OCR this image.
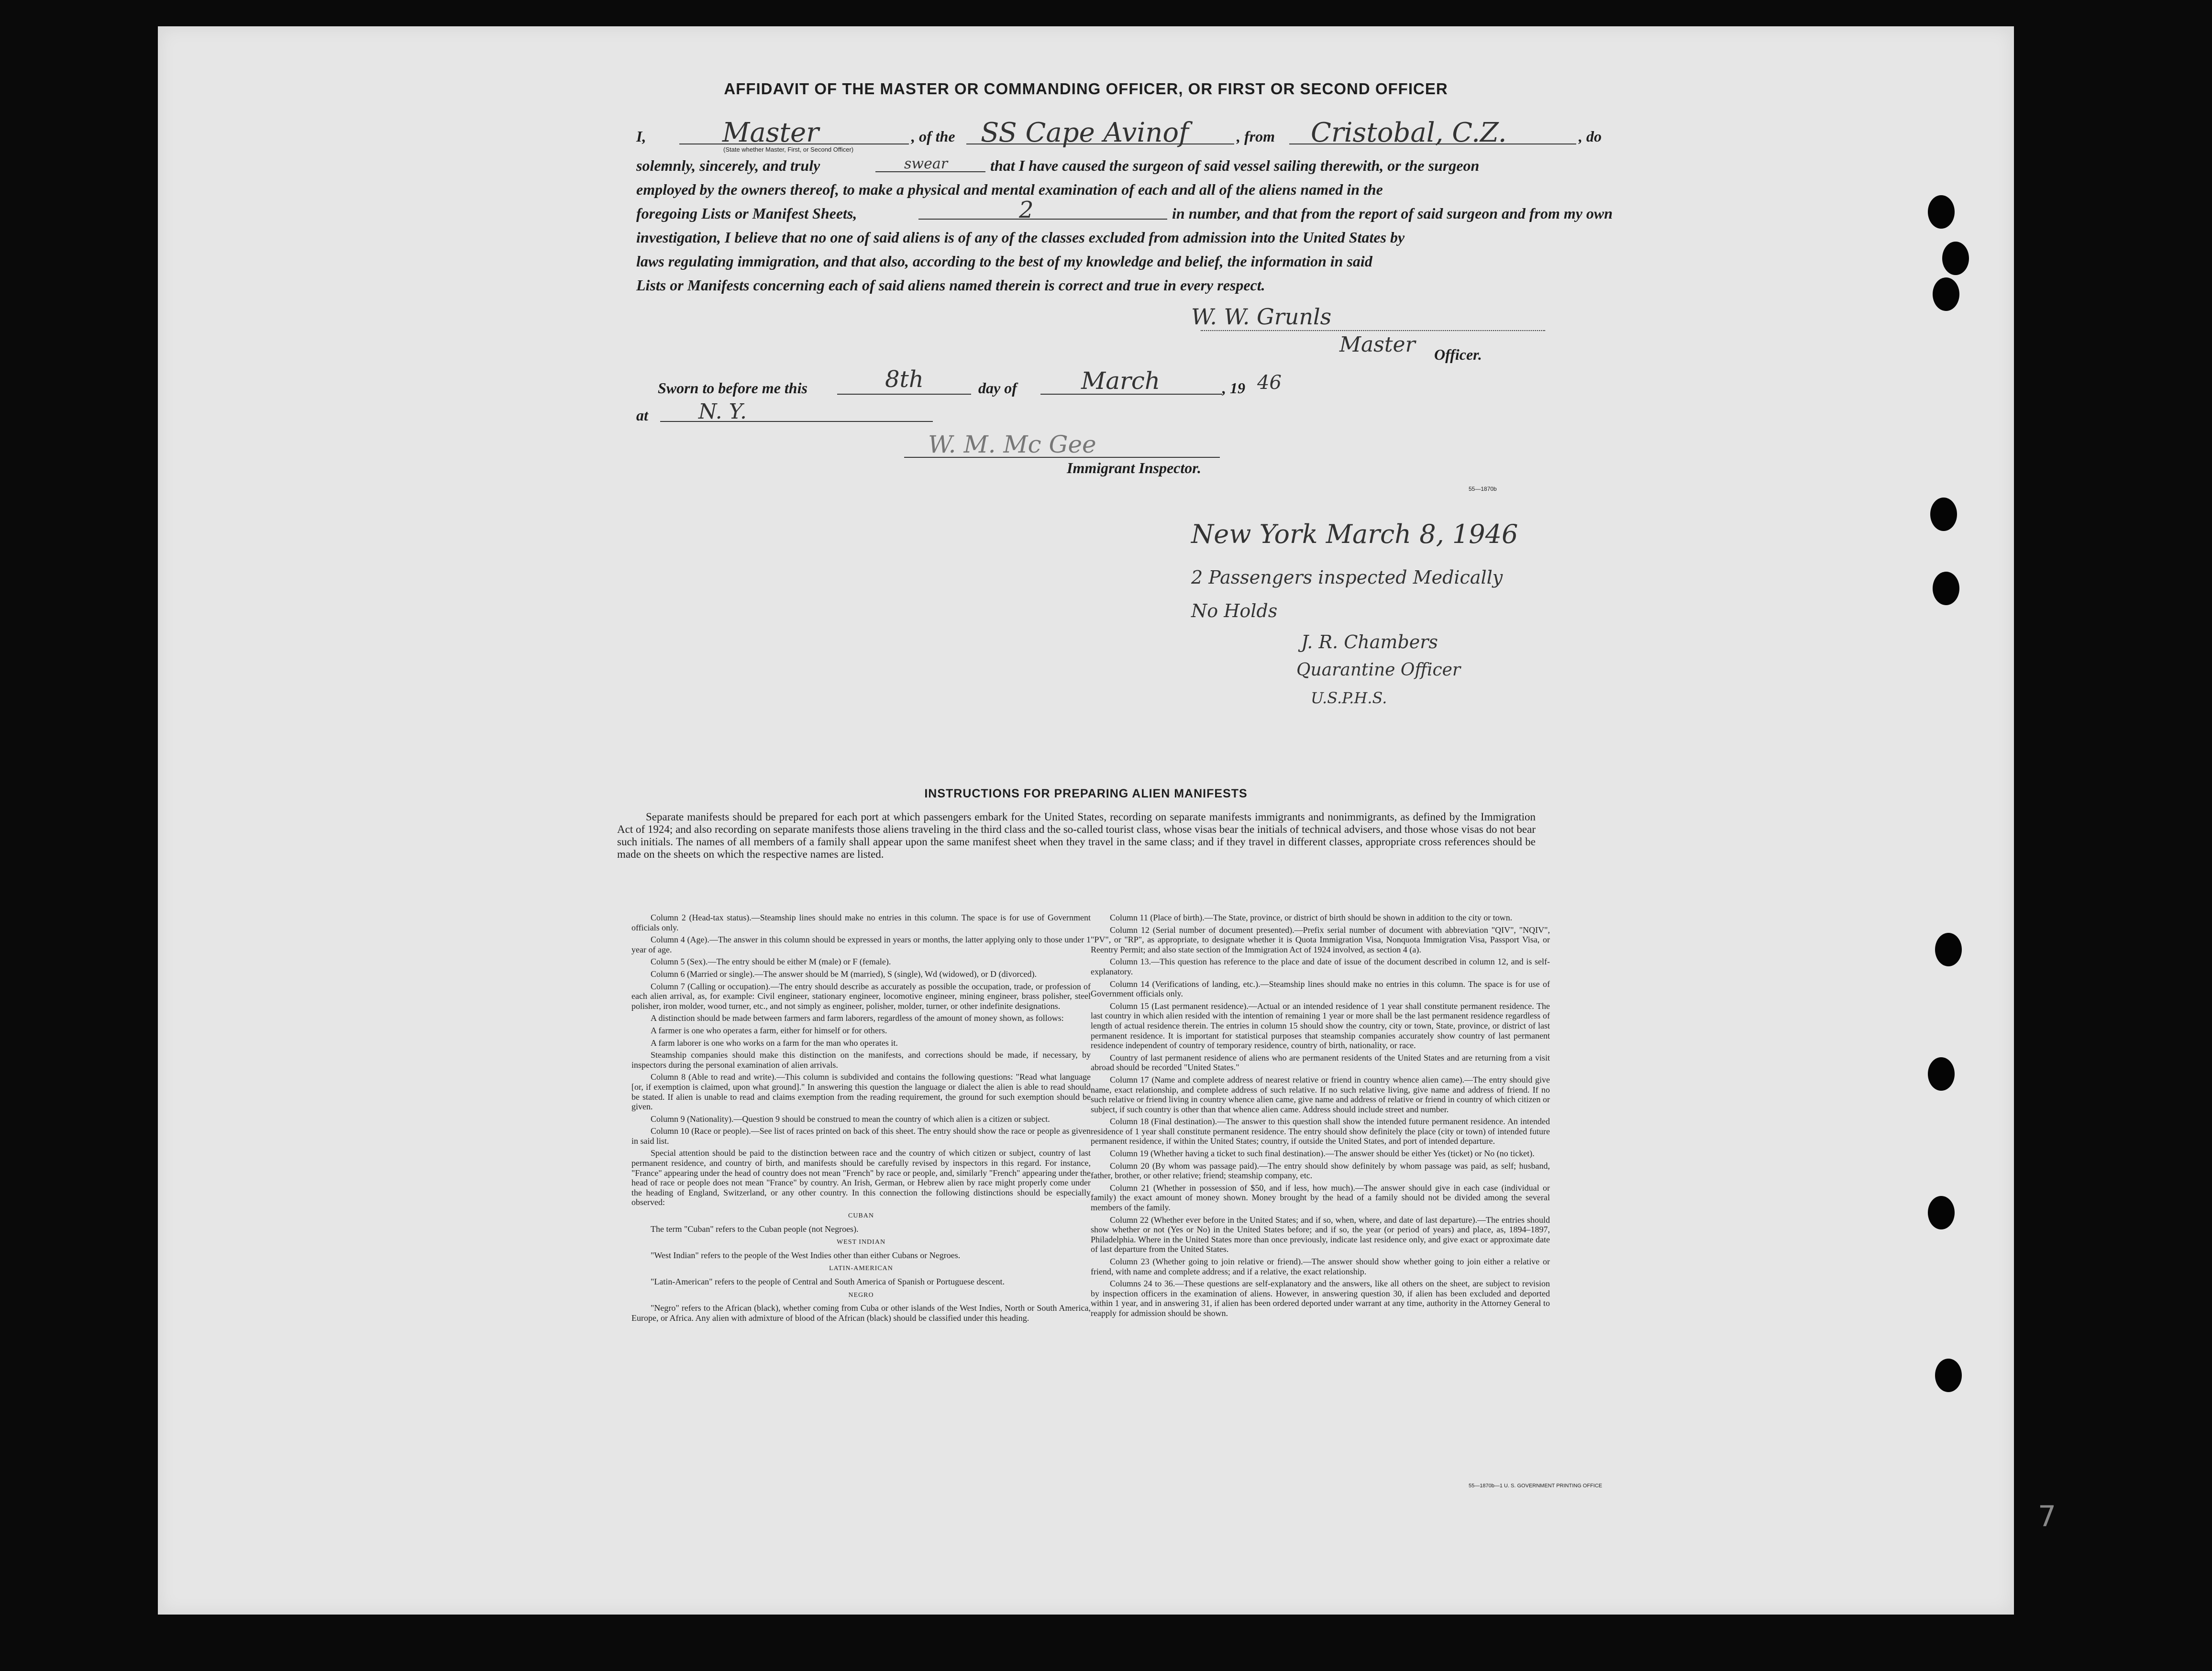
AFFIDAVIT OF THE MASTER OR COMMANDING OFFICER, OR FIRST OR SECOND OFFICER
I,	Master
(State whether Master, First, or Second Officer)
, of the SS Cape Avinof	, from Cristobal, C.Z.	, do
solemnly, sincerely, and truly	swear	that I have caused the surgeon of said vessel sailing therewith, or the surgeon
employed by the owners thereof, to make a physical and mental examination of each and all of the aliens named in the
foregoing Lists or Manifest Sheets,	2	in number, and that from the report of said surgeon and from my own
investigation, I believe that no one of said aliens is of any of the classes excluded from admission into the United States by
laws regulating immigration, and that also, according to the best of my knowledge and belief, the information in said
Lists or Manifests concerning each of said aliens named therein is correct and true in every respect.
W. W. Grunls
Master Officer.
Sworn to before me this	8th	day of	March	, 19 46
at N. Y.
W. M. Mc Gee
Immigrant Inspector.
55—1870b
New York March 8, 1946
2 Passengers inspected Medically
No Holds
J. R. Chambers
Quarantine Officer
U.S.P.H.S.
INSTRUCTIONS FOR PREPARING ALIEN MANIFESTS
Separate manifests should be prepared for each port at which passengers embark for the United States, recording on separate manifests immigrants and nonimmigrants, as defined by the Immigration Act of 1924; and also recording on separate manifests those aliens traveling in the third class and the so-called tourist class, whose visas bear the initials of technical advisers, and those whose visas do not bear such initials. The names of all members of a family shall appear upon the same manifest sheet when they travel in the same class; and if they travel in different classes, appropriate cross references should be made on the sheets on which the respective names are listed.

Column 2 (Head-tax status).—Steamship lines should make no entries in this column. The space is for use of Government officials only.

Column 4 (Age).—The answer in this column should be expressed in years or months, the latter applying only to those under 1 year of age.

Column 5 (Sex).—The entry should be either M (male) or F (female).

Column 6 (Married or single).—The answer should be M (married), S (single), Wd (widowed), or D (divorced).

Column 7 (Calling or occupation).—The entry should describe as accurately as possible the occupation, trade, or profession of each alien arrival, as, for example: Civil engineer, stationary engineer, locomotive engineer, mining engineer, brass polisher, steel polisher, iron molder, wood turner, etc., and not simply as engineer, polisher, molder, turner, or other indefinite designations.

A distinction should be made between farmers and farm laborers, regardless of the amount of money shown, as follows:

A farmer is one who operates a farm, either for himself or for others.

A farm laborer is one who works on a farm for the man who operates it.

Steamship companies should make this distinction on the manifests, and corrections should be made, if necessary, by inspectors during the personal examination of alien arrivals.

Column 8 (Able to read and write).—This column is subdivided and contains the following questions: "Read what language [or, if exemption is claimed, upon what ground]." In answering this question the language or dialect the alien is able to read should be stated. If alien is unable to read and claims exemption from the reading requirement, the ground for such exemption should be given.

Column 9 (Nationality).—Question 9 should be construed to mean the country of which alien is a citizen or subject.

Column 10 (Race or people).—See list of races printed on back of this sheet. The entry should show the race or people as given in said list.

Special attention should be paid to the distinction between race and the country of which citizen or subject, country of last permanent residence, and country of birth, and manifests should be carefully revised by inspectors in this regard. For instance, "France" appearing under the head of country does not mean "French" by race or people, and, similarly "French" appearing under the head of race or people does not mean "France" by country. An Irish, German, or Hebrew alien by race might properly come under the heading of England, Switzerland, or any other country. In this connection the following distinctions should be especially observed:

CUBAN

The term "Cuban" refers to the Cuban people (not Negroes).

WEST INDIAN

"West Indian" refers to the people of the West Indies other than either Cubans or Negroes.

LATIN-AMERICAN

"Latin-American" refers to the people of Central and South America of Spanish or Portuguese descent.

NEGRO

"Negro" refers to the African (black), whether coming from Cuba or other islands of the West Indies, North or South America, Europe, or Africa. Any alien with admixture of blood of the African (black) should be classified under this heading.

Column 11 (Place of birth).—The State, province, or district of birth should be shown in addition to the city or town.

Column 12 (Serial number of document presented).—Prefix serial number of document with abbreviation "QIV", "NQIV", "PV", or "RP", as appropriate, to designate whether it is Quota Immigration Visa, Nonquota Immigration Visa, Passport Visa, or Reentry Permit; and also state section of the Immigration Act of 1924 involved, as section 4 (a).

Column 13.—This question has reference to the place and date of issue of the document described in column 12, and is self-explanatory.

Column 14 (Verifications of landing, etc.).—Steamship lines should make no entries in this column. The space is for use of Government officials only.

Column 15 (Last permanent residence).—Actual or an intended residence of 1 year shall constitute permanent residence. The last country in which alien resided with the intention of remaining 1 year or more shall be the last permanent residence regardless of length of actual residence therein. The entries in column 15 should show the country, city or town, State, province, or district of last permanent residence. It is important for statistical purposes that steamship companies accurately show country of last permanent residence independent of country of temporary residence, country of birth, nationality, or race.

Country of last permanent residence of aliens who are permanent residents of the United States and are returning from a visit abroad should be recorded "United States."

Column 17 (Name and complete address of nearest relative or friend in country whence alien came).—The entry should give name, exact relationship, and complete address of such relative. If no such relative living, give name and address of friend. If no such relative or friend living in country whence alien came, give name and address of relative or friend in country of which citizen or subject, if such country is other than that whence alien came. Address should include street and number.

Column 18 (Final destination).—The answer to this question shall show the intended future permanent residence. An intended residence of 1 year shall constitute permanent residence. The entry should show definitely the place (city or town) of intended future permanent residence, if within the United States; country, if outside the United States, and port of intended departure.

Column 19 (Whether having a ticket to such final destination).—The answer should be either Yes (ticket) or No (no ticket).

Column 20 (By whom was passage paid).—The entry should show definitely by whom passage was paid, as self; husband, father, brother, or other relative; friend; steamship company, etc.

Column 21 (Whether in possession of $50, and if less, how much).—The answer should give in each case (individual or family) the exact amount of money shown. Money brought by the head of a family should not be divided among the several members of the family.

Column 22 (Whether ever before in the United States; and if so, when, where, and date of last departure).—The entries should show whether or not (Yes or No) in the United States before; and if so, the year (or period of years) and place, as, 1894–1897, Philadelphia. Where in the United States more than once previously, indicate last residence only, and give exact or approximate date of last departure from the United States.

Column 23 (Whether going to join relative or friend).—The answer should show whether going to join either a relative or friend, with name and complete address; and if a relative, the exact relationship.

Columns 24 to 36.—These questions are self-explanatory and the answers, like all others on the sheet, are subject to revision by inspection officers in the examination of aliens. However, in answering question 30, if alien has been excluded and deported within 1 year, and in answering 31, if alien has been ordered deported under warrant at any time, authority in the Attorney General to reapply for admission should be shown.

55—1870b—1 U. S. GOVERNMENT PRINTING OFFICE
7
